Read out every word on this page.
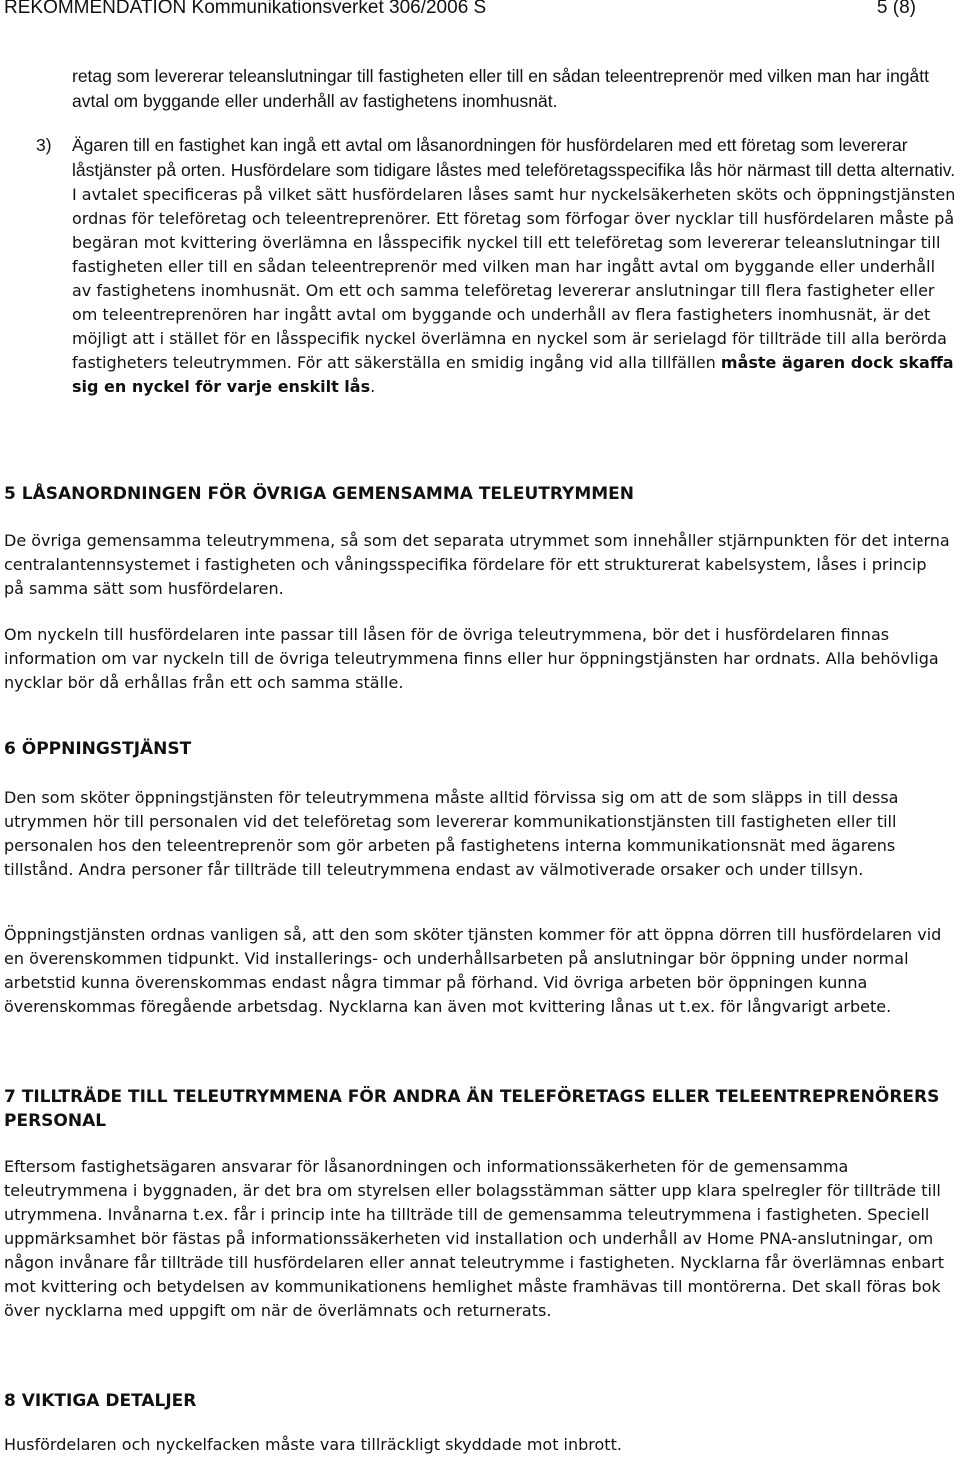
REKOMMENDATION Kommunikationsverket 306/2006 S	5 (8)

retag som levererar teleanslutningar till fastigheten eller till en sådan teleentreprenör med vilken man har ingått avtal om byggande eller underhåll av fastighetens inomhusnät.

3) Ägaren till en fastighet kan ingå ett avtal om låsanordningen för husfördelaren med ett företag som levererar låstjänster på orten. Husfördelare som tidigare låstes med teleföretagsspecifika lås hör närmast till detta alternativ. I avtalet specificeras på vilket sätt husfördelaren låses samt hur nyckelsäkerheten sköts och öppningstjänsten ordnas för teleföretag och teleentreprenörer. Ett företag som förfogar över nycklar till husfördelaren måste på begäran mot kvittering överlämna en låsspecifik nyckel till ett teleföretag som levererar teleanslutningar till fastigheten eller till en sådan teleentreprenör med vilken man har ingått avtal om byggande eller underhåll av fastighetens inomhusnät. Om ett och samma teleföretag levererar anslutningar till flera fastigheter eller om teleentreprenören har ingått avtal om byggande och underhåll av flera fastigheters inomhusnät, är det möjligt att i stället för en låsspecifik nyckel överlämna en nyckel som är serielagd för tillträde till alla berörda fastigheters teleutrymmen. För att säkerställa en smidig ingång vid alla tillfällen måste ägaren dock skaffa sig en nyckel för varje enskilt lås.

5 LÅSANORDNINGEN FÖR ÖVRIGA GEMENSAMMA TELEUTRYMMEN

De övriga gemensamma teleutrymmena, så som det separata utrymmet som innehåller stjärnpunkten för det interna centralantennsystemet i fastigheten och våningsspecifika fördelare för ett strukturerat kabelsystem, låses i princip på samma sätt som husfördelaren.

Om nyckeln till husfördelaren inte passar till låsen för de övriga teleutrymmena, bör det i husfördelaren finnas information om var nyckeln till de övriga teleutrymmena finns eller hur öppningstjänsten har ordnats. Alla behövliga nycklar bör då erhållas från ett och samma ställe.

6 ÖPPNINGSTJÄNST

Den som sköter öppningstjänsten för teleutrymmena måste alltid förvissa sig om att de som släpps in till dessa utrymmen hör till personalen vid det teleföretag som levererar kommunikationstjänsten till fastigheten eller till personalen hos den teleentreprenör som gör arbeten på fastighetens interna kommunikationsnät med ägarens tillstånd. Andra personer får tillträde till teleutrymmena endast av välmotiverade orsaker och under tillsyn.

Öppningstjänsten ordnas vanligen så, att den som sköter tjänsten kommer för att öppna dörren till husfördelaren vid en överenskommen tidpunkt. Vid installerings- och underhållsarbeten på anslutningar bör öppning under normal arbetstid kunna överenskommas endast några timmar på förhand. Vid övriga arbeten bör öppningen kunna överenskommas föregående arbetsdag. Nycklarna kan även mot kvittering lånas ut t.ex. för långvarigt arbete.

7 TILLTRÄDE TILL TELEUTRYMMENA FÖR ANDRA ÄN TELEFÖRETAGS ELLER TELEENTREPRENÖRERS PERSONAL

Eftersom fastighetsägaren ansvarar för låsanordningen och informationssäkerheten för de gemensamma teleutrymmena i byggnaden, är det bra om styrelsen eller bolagsstämman sätter upp klara spelregler för tillträde till utrymmena. Invånarna t.ex. får i princip inte ha tillträde till de gemensamma teleutrymmena i fastigheten. Speciell uppmärksamhet bör fästas på informationssäkerheten vid installation och underhåll av Home PNA-anslutningar, om någon invånare får tillträde till husfördelaren eller annat teleutrymme i fastigheten. Nycklarna får överlämnas enbart mot kvittering och betydelsen av kommunikationens hemlighet måste framhävas till montörerna. Det skall föras bok över nycklarna med uppgift om när de överlämnats och returnerats.

8 VIKTIGA DETALJER

Husfördelaren och nyckelfacken måste vara tillräckligt skyddade mot inbrott.
